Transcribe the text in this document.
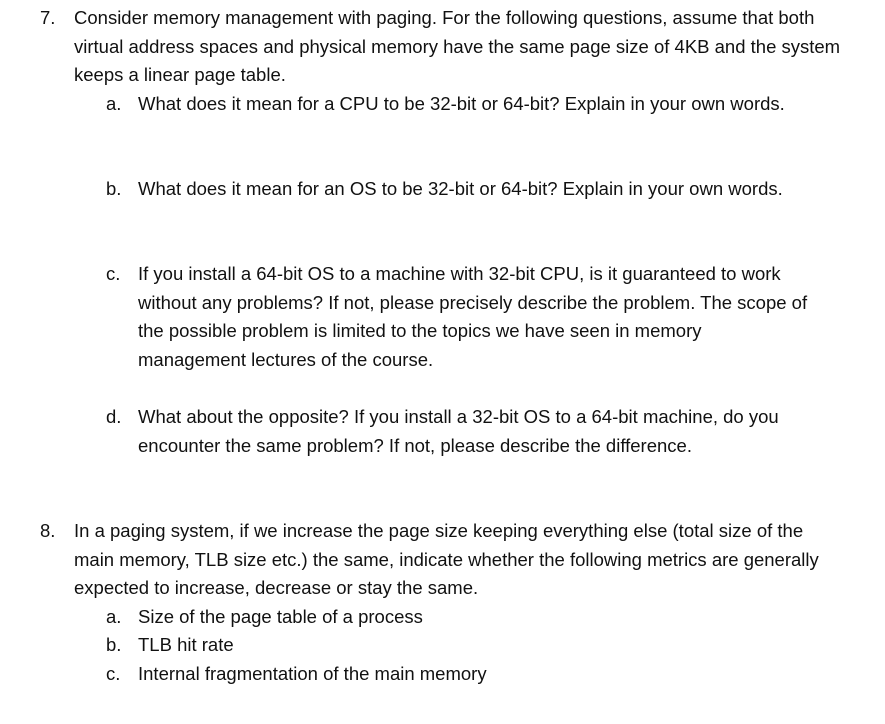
7. Consider memory management with paging. For the following questions, assume that both virtual address spaces and physical memory have the same page size of 4KB and the system keeps a linear page table.
a. What does it mean for a CPU to be 32-bit or 64-bit? Explain in your own words.
b. What does it mean for an OS to be 32-bit or 64-bit? Explain in your own words.
c. If you install a 64-bit OS to a machine with 32-bit CPU, is it guaranteed to work without any problems? If not, please precisely describe the problem. The scope of the possible problem is limited to the topics we have seen in memory management lectures of the course.
d. What about the opposite? If you install a 32-bit OS to a 64-bit machine, do you encounter the same problem? If not, please describe the difference.
8. In a paging system, if we increase the page size keeping everything else (total size of the main memory, TLB size etc.) the same, indicate whether the following metrics are generally expected to increase, decrease or stay the same.
a. Size of the page table of a process
b. TLB hit rate
c. Internal fragmentation of the main memory
